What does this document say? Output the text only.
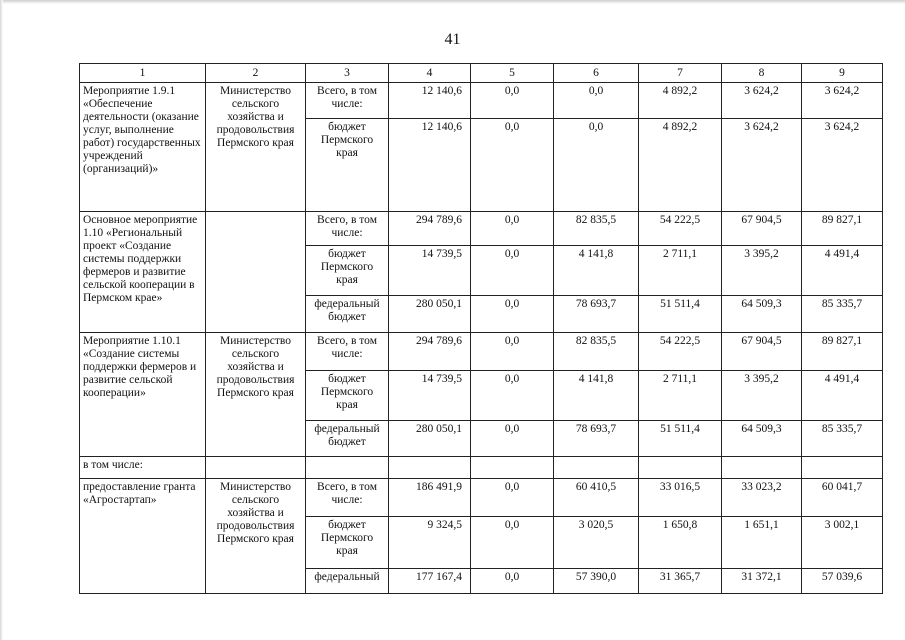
41
1	2	3	4	5	6	7	8	9
Мероприятие 1.9.1 «Обеспечение деятельности (оказание услуг, выполнение работ) государственных учреждений (организаций)»	Министерство сельского хозяйства и продовольствия Пермского края	Всего, в том числе:	12 140,6	0,0	0,0	4 892,2	3 624,2	3 624,2
		бюджет Пермского края	12 140,6	0,0	0,0	4 892,2	3 624,2	3 624,2
Основное мероприятие 1.10 «Региональный проект «Создание системы поддержки фермеров и развитие сельской кооперации в Пермском крае»		Всего, в том числе:	294 789,6	0,0	82 835,5	54 222,5	67 904,5	89 827,1
		бюджет Пермского края	14 739,5	0,0	4 141,8	2 711,1	3 395,2	4 491,4
		федеральный бюджет	280 050,1	0,0	78 693,7	51 511,4	64 509,3	85 335,7
Мероприятие 1.10.1 «Создание системы поддержки фермеров и развитие сельской кооперации»	Министерство сельского хозяйства и продовольствия Пермского края	Всего, в том числе:	294 789,6	0,0	82 835,5	54 222,5	67 904,5	89 827,1
		бюджет Пермского края	14 739,5	0,0	4 141,8	2 711,1	3 395,2	4 491,4
		федеральный бюджет	280 050,1	0,0	78 693,7	51 511,4	64 509,3	85 335,7
в том числе:								
предоставление гранта «Агростартап»	Министерство сельского хозяйства и продовольствия Пермского края	Всего, в том числе:	186 491,9	0,0	60 410,5	33 016,5	33 023,2	60 041,7
		бюджет Пермского края	9 324,5	0,0	3 020,5	1 650,8	1 651,1	3 002,1
		федеральный	177 167,4	0,0	57 390,0	31 365,7	31 372,1	57 039,6
